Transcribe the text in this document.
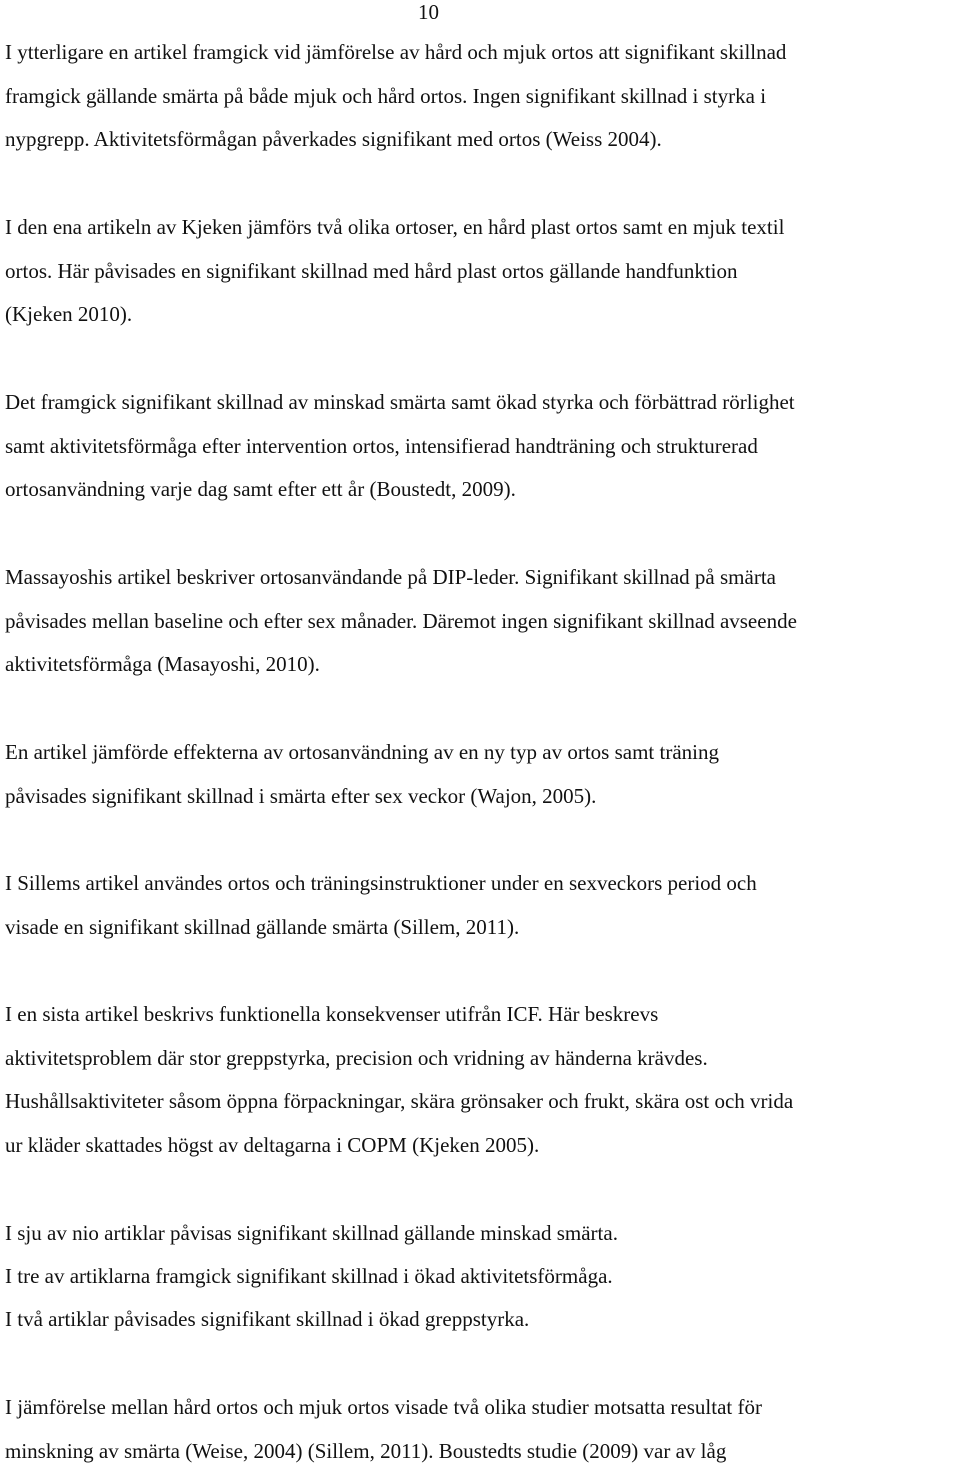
10
I ytterligare en artikel framgick vid jämförelse av hård och mjuk ortos att signifikant skillnad
framgick gällande smärta på både mjuk och hård ortos. Ingen signifikant skillnad i styrka i
nypgrepp. Aktivitetsförmågan påverkades signifikant med ortos (Weiss 2004).
I den ena artikeln av Kjeken jämförs två olika ortoser, en hård plast ortos samt en mjuk textil
ortos. Här påvisades en signifikant skillnad med hård plast ortos gällande handfunktion
(Kjeken 2010).
Det framgick signifikant skillnad av minskad smärta samt ökad styrka och förbättrad rörlighet
samt aktivitetsförmåga efter intervention ortos, intensifierad handträning och strukturerad
ortosanvändning varje dag samt efter ett år (Boustedt, 2009).
Massayoshis artikel beskriver ortosanvändande på DIP-leder. Signifikant skillnad på smärta
påvisades mellan baseline och efter sex månader. Däremot ingen signifikant skillnad avseende
aktivitetsförmåga (Masayoshi, 2010).
En artikel jämförde effekterna av ortosanvändning av en ny typ av ortos samt träning
påvisades signifikant skillnad i smärta efter sex veckor (Wajon, 2005).
I Sillems artikel användes ortos och träningsinstruktioner under en sexveckors period och
visade en signifikant skillnad gällande smärta (Sillem, 2011).
I en sista artikel beskrivs funktionella konsekvenser utifrån ICF. Här beskrevs
aktivitetsproblem där stor greppstyrka, precision och vridning av händerna krävdes.
Hushållsaktiviteter såsom öppna förpackningar, skära grönsaker och frukt, skära ost och vrida
ur kläder skattades högst av deltagarna i COPM (Kjeken 2005).
I sju av nio artiklar påvisas signifikant skillnad gällande minskad smärta.
I tre av artiklarna framgick signifikant skillnad i ökad aktivitetsförmåga.
I två artiklar påvisades signifikant skillnad i ökad greppstyrka.
I jämförelse mellan hård ortos och mjuk ortos visade två olika studier motsatta resultat för
minskning av smärta (Weise, 2004) (Sillem, 2011). Boustedts studie (2009) var av låg
